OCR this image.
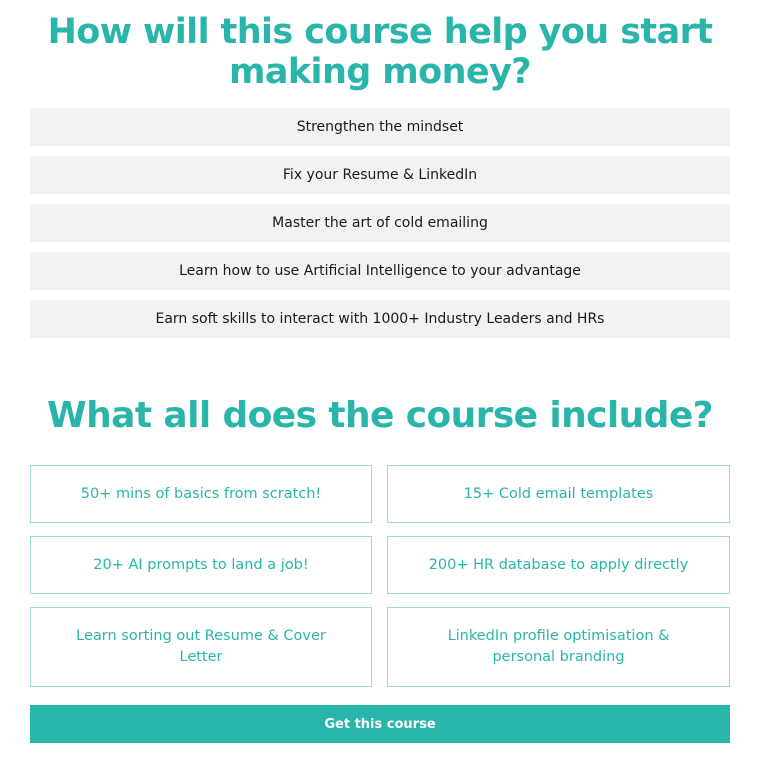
How will this course help you start making money?
Strengthen the mindset
Fix your Resume & LinkedIn
Master the art of cold emailing
Learn how to use Artificial Intelligence to your advantage
Earn soft skills to interact with 1000+ Industry Leaders and HRs
What all does the course include?
50+ mins of basics from scratch!	15+ Cold email templates
20+ AI prompts to land a job!	200+ HR database to apply directly
Learn sorting out Resume & Cover Letter
LinkedIn profile optimisation & personal branding
Get this course
